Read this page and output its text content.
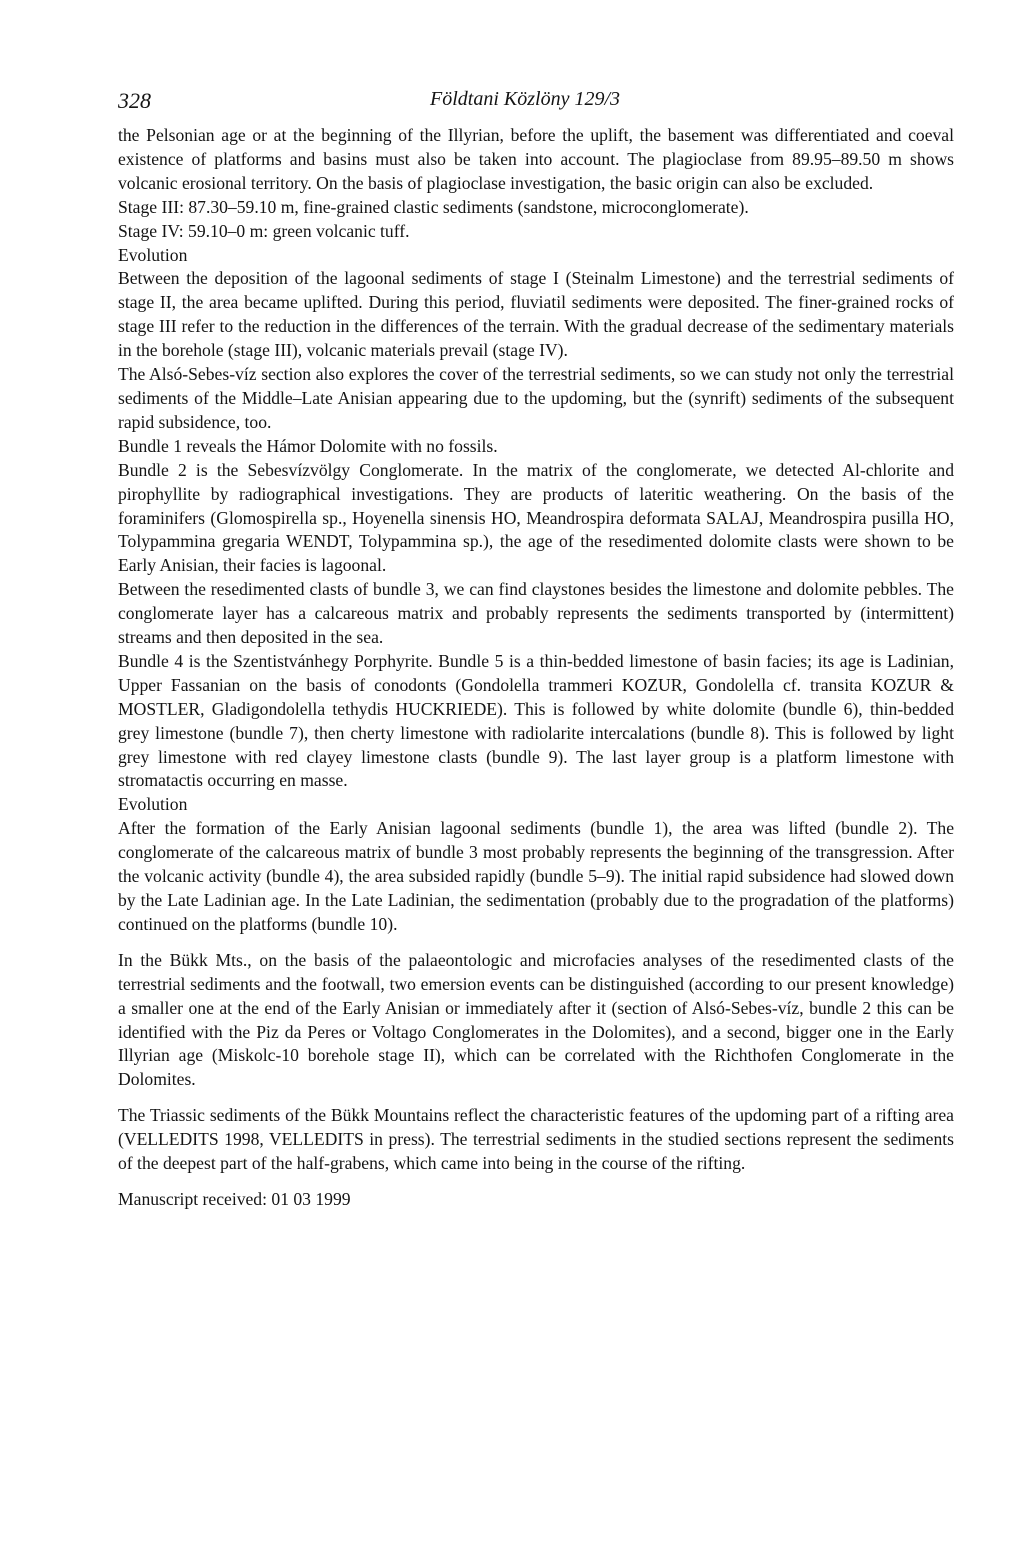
328	Földtani Közlöny 129/3

the Pelsonian age or at the beginning of the Illyrian, before the uplift, the basement was differentiated and coeval existence of platforms and basins must also be taken into account. The plagioclase from 89.95–89.50 m shows volcanic erosional territory. On the basis of plagioclase investigation, the basic origin can also be excluded.

Stage III: 87.30–59.10 m, fine-grained clastic sediments (sandstone, microconglomerate).

Stage IV: 59.10–0 m: green volcanic tuff.

Evolution

Between the deposition of the lagoonal sediments of stage I (Steinalm Limestone) and the terrestrial sediments of stage II, the area became uplifted. During this period, fluviatil sediments were deposited. The finer-grained rocks of stage III refer to the reduction in the differences of the terrain. With the gradual decrease of the sedimentary materials in the borehole (stage III), volcanic materials prevail (stage IV).

The Alsó-Sebes-víz section also explores the cover of the terrestrial sediments, so we can study not only the terrestrial sediments of the Middle–Late Anisian appearing due to the updoming, but the (synrift) sediments of the subsequent rapid subsidence, too.

Bundle 1 reveals the Hámor Dolomite with no fossils.

Bundle 2 is the Sebesvízvölgy Conglomerate. In the matrix of the conglomerate, we detected Al-chlorite and pirophyllite by radiographical investigations. They are products of lateritic weathering. On the basis of the foraminifers (Glomospirella sp., Hoyenella sinensis HO, Meandrospira deformata SALAJ, Meandrospira pusilla HO, Tolypammina gregaria WENDT, Tolypammina sp.), the age of the resedimented dolomite clasts were shown to be Early Anisian, their facies is lagoonal.

Between the resedimented clasts of bundle 3, we can find claystones besides the limestone and dolomite pebbles. The conglomerate layer has a calcareous matrix and probably represents the sediments transported by (intermittent) streams and then deposited in the sea.

Bundle 4 is the Szentistvánhegy Porphyrite. Bundle 5 is a thin-bedded limestone of basin facies; its age is Ladinian, Upper Fassanian on the basis of conodonts (Gondolella trammeri KOZUR, Gondolella cf. transita KOZUR & MOSTLER, Gladigondolella tethydis HUCKRIEDE). This is followed by white dolomite (bundle 6), thin-bedded grey limestone (bundle 7), then cherty limestone with radiolarite intercalations (bundle 8). This is followed by light grey limestone with red clayey limestone clasts (bundle 9). The last layer group is a platform limestone with stromatactis occurring en masse.

Evolution

After the formation of the Early Anisian lagoonal sediments (bundle 1), the area was lifted (bundle 2). The conglomerate of the calcareous matrix of bundle 3 most probably represents the beginning of the transgression. After the volcanic activity (bundle 4), the area subsided rapidly (bundle 5–9). The initial rapid subsidence had slowed down by the Late Ladinian age. In the Late Ladinian, the sedimentation (probably due to the progradation of the platforms) continued on the platforms (bundle 10).

In the Bükk Mts., on the basis of the palaeontologic and microfacies analyses of the resedimented clasts of the terrestrial sediments and the footwall, two emersion events can be distinguished (according to our present knowledge) a smaller one at the end of the Early Anisian or immediately after it (section of Alsó-Sebes-víz, bundle 2 this can be identified with the Piz da Peres or Voltago Conglomerates in the Dolomites), and a second, bigger one in the Early Illyrian age (Miskolc-10 borehole stage II), which can be correlated with the Richthofen Conglomerate in the Dolomites.

The Triassic sediments of the Bükk Mountains reflect the characteristic features of the updoming part of a rifting area (VELLEDITS 1998, VELLEDITS in press). The terrestrial sediments in the studied sections represent the sediments of the deepest part of the half-grabens, which came into being in the course of the rifting.

Manuscript received: 01 03 1999
